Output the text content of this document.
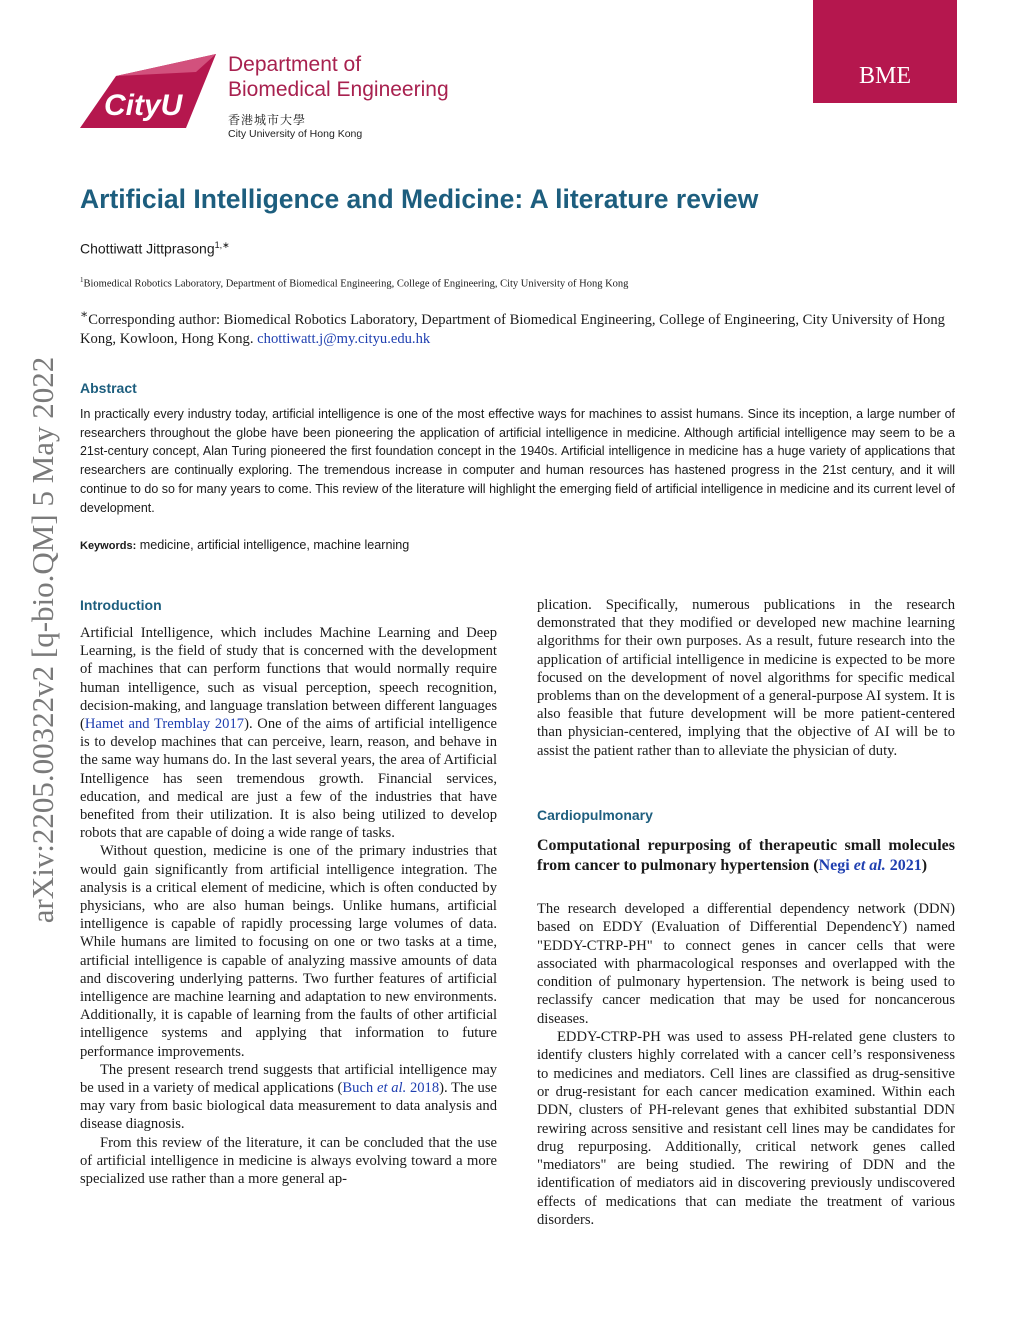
CityU
Department of
Biomedical Engineering
香港城市大學
City University of Hong Kong
BME
arXiv:2205.00322v2 [q-bio.QM] 5 May 2022
Artificial Intelligence and Medicine: A literature review
Chottiwatt Jittprasong$^{1,∗}$
$^1$Biomedical Robotics Laboratory, Department of Biomedical Engineering, College of Engineering, City University of Hong Kong
∗Corresponding author: Biomedical Robotics Laboratory, Department of Biomedical Engineering, College of Engineering, City University of Hong Kong, Kowloon, Hong Kong. chottiwatt.j@my.cityu.edu.hk
Abstract

In practically every industry today, artificial intelligence is one of the most effective ways for machines to assist humans. Since its inception, a large number of researchers throughout the globe have been pioneering the application of artificial intelligence in medicine. Although artificial intelligence may seem to be a 21st-century concept, Alan Turing pioneered the first foundation concept in the 1940s. Artificial intelligence in medicine has a huge variety of applications that researchers are continually exploring. The tremendous increase in computer and human resources has hastened progress in the 21st century, and it will continue to do so for many years to come. This review of the literature will highlight the emerging field of artificial intelligence in medicine and its current level of development.

Keywords: medicine, artificial intelligence, machine learning
Introduction

Artificial Intelligence, which includes Machine Learning and Deep Learning, is the field of study that is concerned with the development of machines that can perform functions that would normally require human intelligence, such as visual perception, speech recognition, decision-making, and language translation between different languages (Hamet and Tremblay 2017). One of the aims of artificial intelligence is to develop machines that can perceive, learn, reason, and behave in the same way humans do. In the last several years, the area of Artificial Intelligence has seen tremendous growth. Financial services, education, and medical are just a few of the industries that have benefited from their utilization. It is also being utilized to develop robots that are capable of doing a wide range of tasks.

Without question, medicine is one of the primary industries that would gain significantly from artificial intelligence integration. The analysis is a critical element of medicine, which is often conducted by physicians, who are also human beings. Unlike humans, artificial intelligence is capable of rapidly processing large volumes of data. While humans are limited to focusing on one or two tasks at a time, artificial intelligence is capable of analyzing massive amounts of data and discovering underlying patterns. Two further features of artificial intelligence are machine learning and adaptation to new environments. Additionally, it is capable of learning from the faults of other artificial intelligence systems and applying that information to future performance improvements.

The present research trend suggests that artificial intelligence may be used in a variety of medical applications (Buch et al. 2018). The use may vary from basic biological data measurement to data analysis and disease diagnosis.

From this review of the literature, it can be concluded that the use of artificial intelligence in medicine is always evolving toward a more specialized use rather than a more general ap-

plication. Specifically, numerous publications in the research demonstrated that they modified or developed new machine learning algorithms for their own purposes. As a result, future research into the application of artificial intelligence in medicine is expected to be more focused on the development of novel algorithms for specific medical problems than on the development of a general-purpose AI system. It is also feasible that future development will be more patient-centered than physician-centered, implying that the objective of AI will be to assist the patient rather than to alleviate the physician of duty.

Cardiopulmonary
Computational repurposing of therapeutic small molecules from cancer to pulmonary hypertension (Negi et al. 2021)

The research developed a differential dependency network (DDN) based on EDDY (Evaluation of Differential DependencY) named "EDDY-CTRP-PH" to connect genes in cancer cells that were associated with pharmacological responses and overlapped with the condition of pulmonary hypertension. The network is being used to reclassify cancer medication that may be used for noncancerous diseases.

EDDY-CTRP-PH was used to assess PH-related gene clusters to identify clusters highly correlated with a cancer cell’s responsiveness to medicines and mediators. Cell lines are classified as drug-sensitive or drug-resistant for each cancer medication examined. Within each DDN, clusters of PH-relevant genes that exhibited substantial DDN rewiring across sensitive and resistant cell lines may be candidates for drug repurposing. Additionally, critical network genes called "mediators" are being studied. The rewiring of DDN and the identification of mediators aid in discovering previously undiscovered effects of medications that can mediate the treatment of various disorders.
